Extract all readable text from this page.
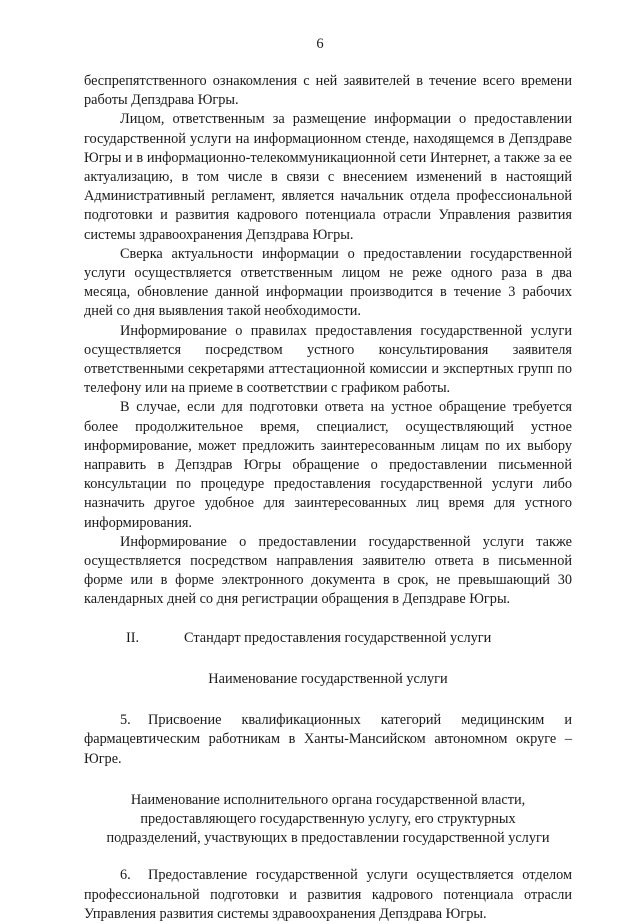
6

беспрепятственного ознакомления с ней заявителей в течение всего времени работы Депздрава Югры.

Лицом, ответственным за размещение информации о предоставлении государственной услуги на информационном стенде, находящемся в Депздраве Югры и в информационно-телекоммуникационной сети Интернет, а также за ее актуализацию, в том числе в связи с внесением изменений в настоящий Административный регламент, является начальник отдела профессиональной подготовки и развития кадрового потенциала отрасли Управления развития системы здравоохранения Депздрава Югры.

Сверка актуальности информации о предоставлении государственной услуги осуществляется ответственным лицом не реже одного раза в два месяца, обновление данной информации производится в течение 3 рабочих дней со дня выявления такой необходимости.

Информирование о правилах предоставления государственной услуги осуществляется посредством устного консультирования заявителя ответственными секретарями аттестационной комиссии и экспертных групп по телефону или на приеме в соответствии с графиком работы.

В случае, если для подготовки ответа на устное обращение требуется более продолжительное время, специалист, осуществляющий устное информирование, может предложить заинтересованным лицам по их выбору направить в Депздрав Югры обращение о предоставлении письменной консультации по процедуре предоставления государственной услуги либо назначить другое удобное для заинтересованных лиц время для устного информирования.

Информирование о предоставлении государственной услуги также осуществляется посредством направления заявителю ответа в письменной форме или в форме электронного документа в срок, не превышающий 30 календарных дней со дня регистрации обращения в Депздраве Югры.

II.	Стандарт предоставления государственной услуги

Наименование государственной услуги

5. Присвоение квалификационных категорий медицинским и фармацевтическим работникам в Ханты-Мансийском автономном округе – Югре.

Наименование исполнительного органа государственной власти,

предоставляющего государственную услугу, его структурных

подразделений, участвующих в предоставлении государственной услуги

6. Предоставление государственной услуги осуществляется отделом профессиональной подготовки и развития кадрового потенциала отрасли Управления развития системы здравоохранения Депздрава Югры.
